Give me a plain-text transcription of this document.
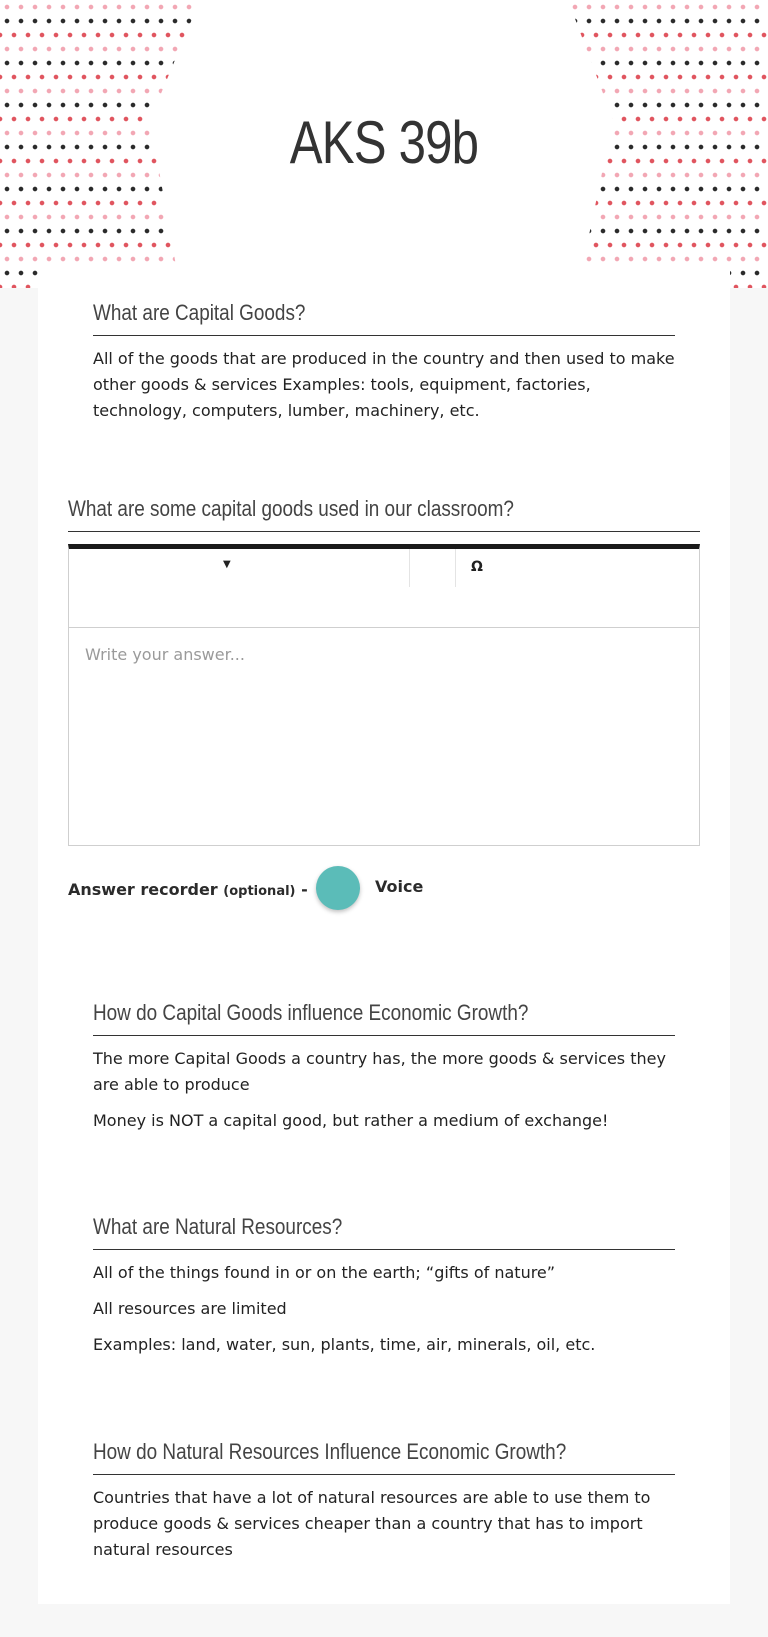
AKS 39b
What are Capital Goods?

All of the goods that are produced in the country and then used to make other goods & services Examples: tools, equipment, factories, technology, computers, lumber, machinery, etc.

What are some capital goods used in our classroom?
▼	Ω
Write your answer...
Answer recorder (optional) -	Voice
How do Capital Goods influence Economic Growth?

The more Capital Goods a country has, the more goods & services they are able to produce

Money is NOT a capital good, but rather a medium of exchange!

What are Natural Resources?

All of the things found in or on the earth; “gifts of nature”

All resources are limited

Examples: land, water, sun, plants, time, air, minerals, oil, etc.

How do Natural Resources Influence Economic Growth?

Countries that have a lot of natural resources are able to use them to produce goods & services cheaper than a country that has to import natural resources
